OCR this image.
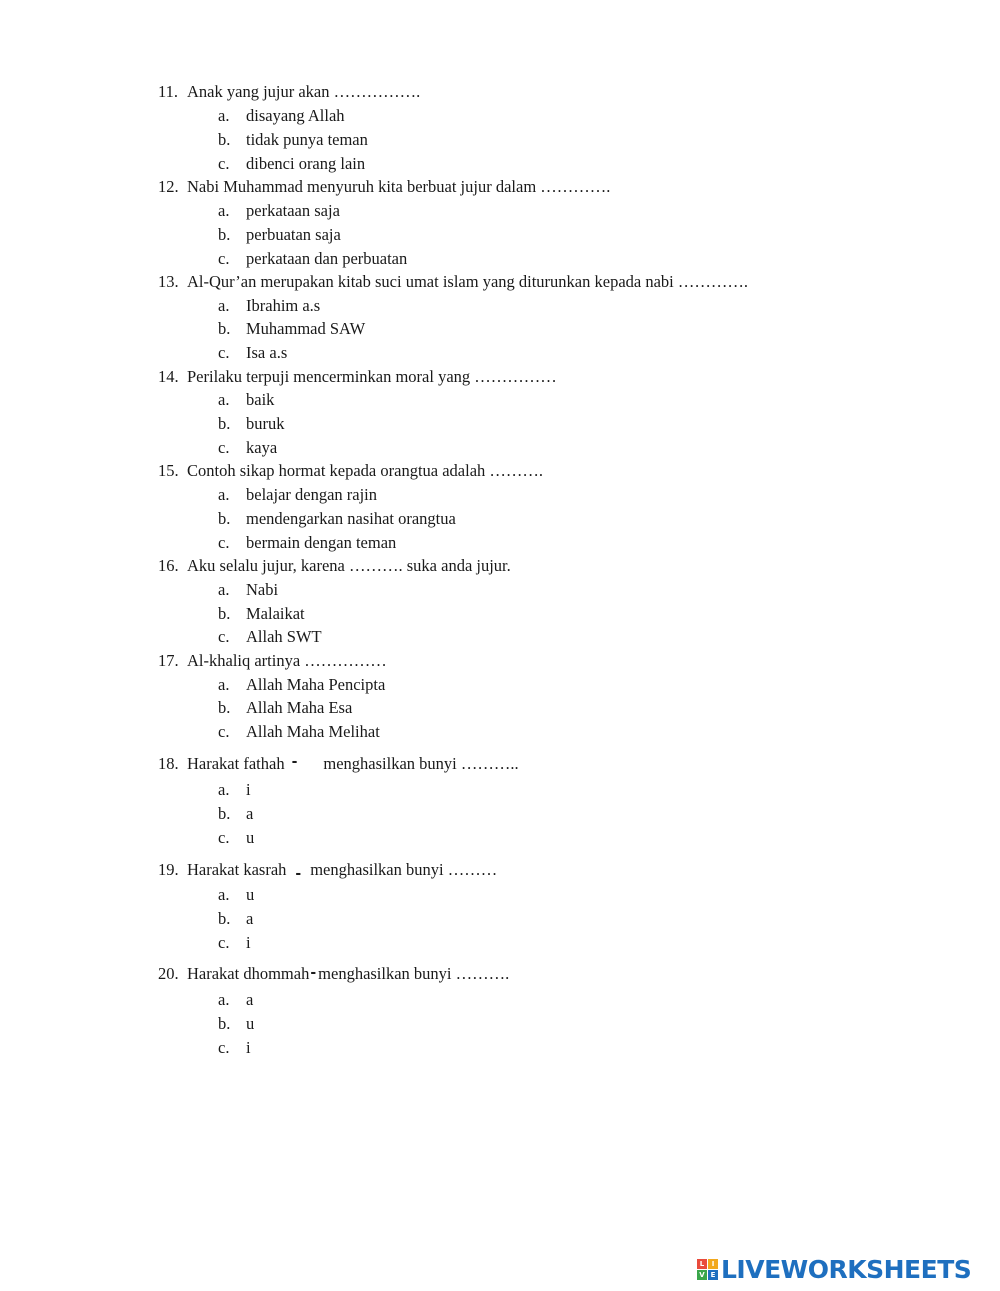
11. Anak yang jujur akan …………….
a. disayang Allah
b. tidak punya teman
c. dibenci orang lain
12. Nabi Muhammad menyuruh kita berbuat jujur dalam ………….
a. perkataan saja
b. perbuatan saja
c. perkataan dan perbuatan
13. Al-Qur’an merupakan kitab suci umat islam yang diturunkan kepada nabi ………….
a. Ibrahim a.s
b. Muhammad SAW
c. Isa a.s
14. Perilaku terpuji mencerminkan moral yang ……………
a. baik
b. buruk
c. kaya
15. Contoh sikap hormat kepada orangtua adalah ……….
a. belajar dengan rajin
b. mendengarkan nasihat orangtua
c. bermain dengan teman
16. Aku selalu jujur, karena ………. suka anda jujur.
a. Nabi
b. Malaikat
c. Allah SWT
17. Al-khaliq artinya ……………
a. Allah Maha Pencipta
b. Allah Maha Esa
c. Allah Maha Melihat
18. Harakat fathah - menghasilkan bunyi ………..
a. i
b. a
c. u
19. Harakat kasrah - menghasilkan bunyi ………
a. u
b. a
c. i
20. Harakat dhommah- menghasilkan bunyi ……….
a. a
b. u
c. i
L	I
V E LIVEWORKSHEETS
